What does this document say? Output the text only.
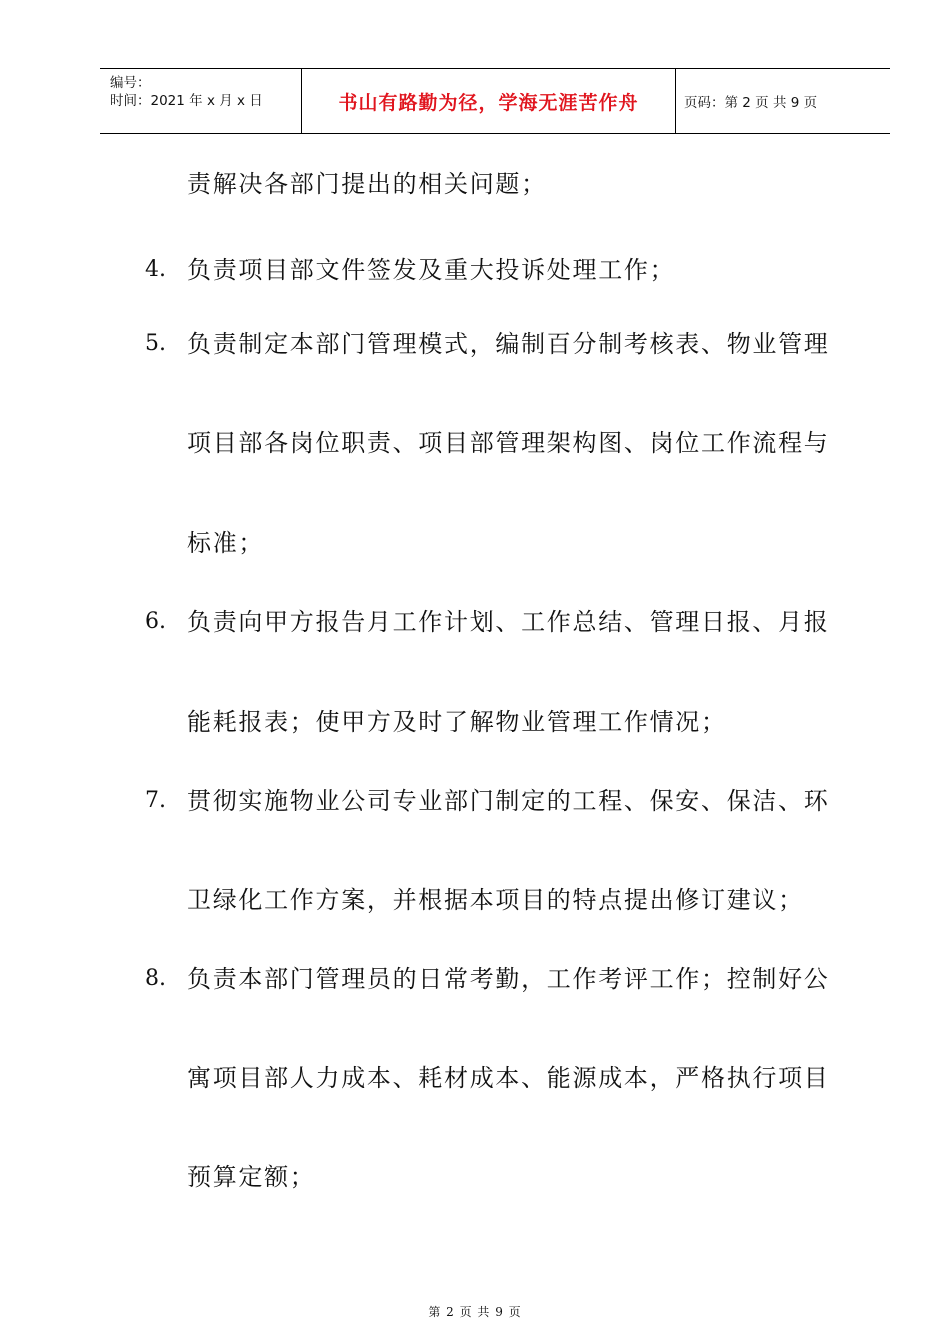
编号：
时间：2021 年 x 月 x 日	书山有路勤为径，学海无涯苦作舟	页码：第 2 页 共 9 页
责解决各部门提出的相关问题；
4. 负责项目部文件签发及重大投诉处理工作；
5. 负责制定本部门管理模式，编制百分制考核表、物业管理
项目部各岗位职责、项目部管理架构图、岗位工作流程与
标准；
6. 负责向甲方报告月工作计划、工作总结、管理日报、月报
能耗报表；使甲方及时了解物业管理工作情况；
7. 贯彻实施物业公司专业部门制定的工程、保安、保洁、环
卫绿化工作方案，并根据本项目的特点提出修订建议；
8. 负责本部门管理员的日常考勤，工作考评工作；控制好公
寓项目部人力成本、耗材成本、能源成本，严格执行项目
预算定额；
第 2 页 共 9 页
